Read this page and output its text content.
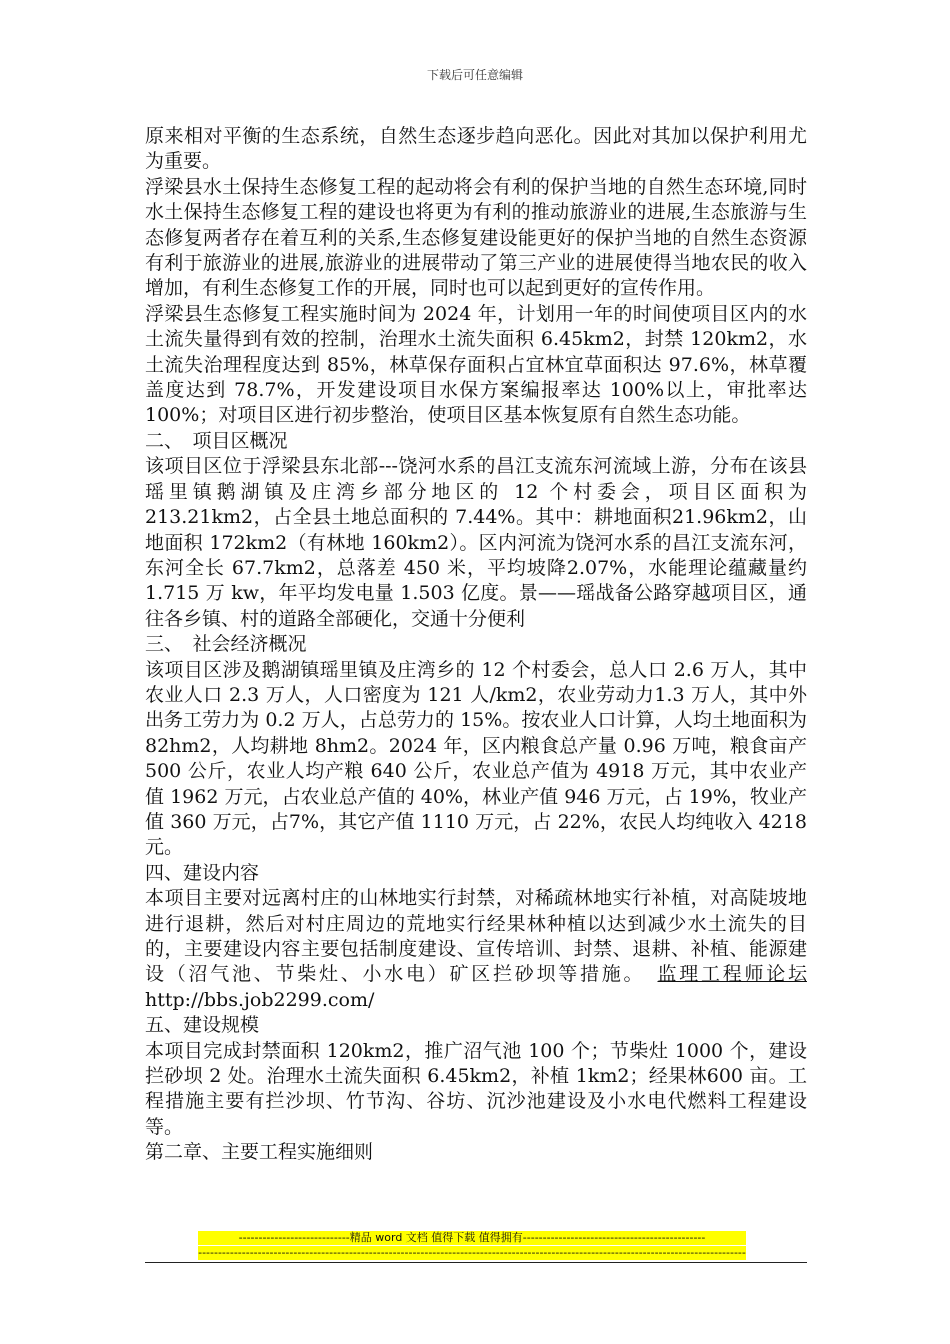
下载后可任意编辑

原来相对平衡的生态系统，自然生态逐步趋向恶化。因此对其加以保护利用尤为重要。

浮梁县水土保持生态修复工程的起动将会有利的保护当地的自然生态环境,同时水土保持生态修复工程的建设也将更为有利的推动旅游业的进展,生态旅游与生态修复两者存在着互利的关系,生态修复建设能更好的保护当地的自然生态资源有利于旅游业的进展,旅游业的进展带动了第三产业的进展使得当地农民的收入增加，有利生态修复工作的开展，同时也可以起到更好的宣传作用。

浮梁县生态修复工程实施时间为 2024 年，计划用一年的时间使项目区内的水土流失量得到有效的控制，治理水土流失面积 6.45km2，封禁 120km2，水土流失治理程度达到 85%，林草保存面积占宜林宜草面积达 97.6%，林草覆盖度达到 78.7%，开发建设项目水保方案编报率达 100%以上，审批率达 100%；对项目区进行初步整治，使项目区基本恢复原有自然生态功能。

二、　项目区概况

该项目区位于浮梁县东北部---饶河水系的昌江支流东河流域上游，分布在该县瑶里镇鹅湖镇及庄湾乡部分地区的 12 个村委会，项目区面积为 213.21km2，占全县土地总面积的 7.44%。其中：耕地面积21.96km2，山地面积 172km2（有林地 160km2）。区内河流为饶河水系的昌江支流东河，东河全长 67.7km2，总落差 450 米，平均坡降2.07%，水能理论蕴藏量约 1.715 万 kw，年平均发电量 1.503 亿度。景——瑶战备公路穿越项目区，通往各乡镇、村的道路全部硬化，交通十分便利

三、　社会经济概况

该项目区涉及鹅湖镇瑶里镇及庄湾乡的 12 个村委会，总人口 2.6 万人，其中农业人口 2.3 万人，人口密度为 121 人/km2，农业劳动力1.3 万人，其中外出务工劳力为 0.2 万人，占总劳力的 15%。按农业人口计算，人均土地面积为 82hm2，人均耕地 8hm2。2024 年，区内粮食总产量 0.96 万吨，粮食亩产 500 公斤，农业人均产粮 640 公斤，农业总产值为 4918 万元，其中农业产值 1962 万元，占农业总产值的 40%，林业产值 946 万元，占 19%，牧业产值 360 万元，占7%，其它产值 1110 万元，占 22%，农民人均纯收入 4218 元。

四、建设内容

本项目主要对远离村庄的山林地实行封禁，对稀疏林地实行补植，对高陡坡地进行退耕，然后对村庄周边的荒地实行经果林种植以达到减少水土流失的目的，主要建设内容主要包括制度建设、宣传培训、封禁、退耕、补植、能源建设（沼气池、节柴灶、小水电）矿区拦砂坝等措施。　监理工程师论坛http://bbs.job2299.com/

五、建设规模

本项目完成封禁面积 120km2，推广沼气池 100 个；节柴灶 1000 个，建设拦砂坝 2 处。治理水土流失面积 6.45km2，补植 1km2；经果林600 亩。工程措施主要有拦沙坝、竹节沟、谷坊、沉沙池建设及小水电代燃料工程建设等。

第二章、主要工程实施细则

----------------------------精品 word 文档 值得下载 值得拥有----------------------------------------------
------------------------------------------------------------------------------------------------------------------------------------------
